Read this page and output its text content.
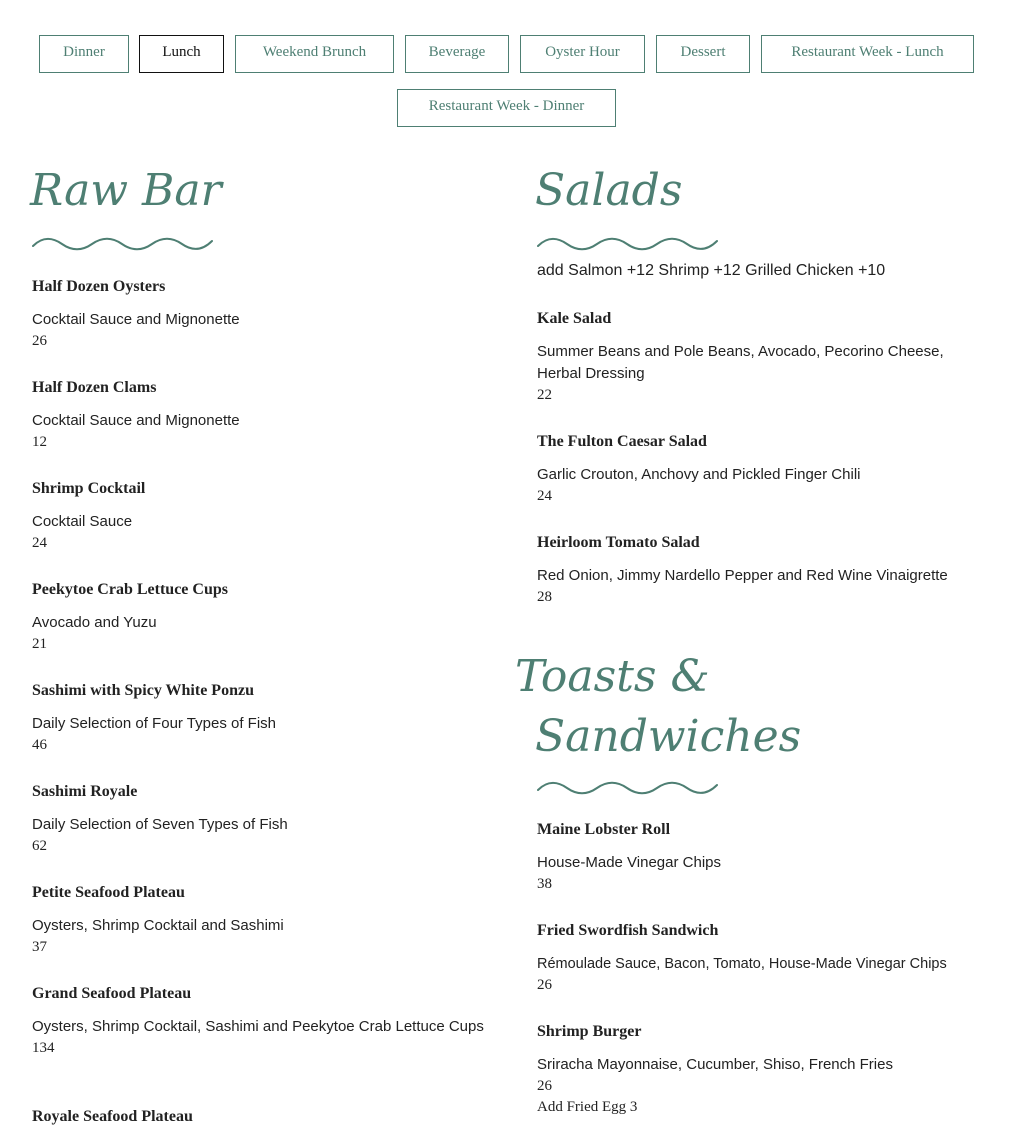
Dinner	Lunch	Weekend Brunch	Beverage	Oyster Hour	Dessert	Restaurant Week - Lunch
Restaurant Week - Dinner
Raw Bar
Half Dozen Oysters
Cocktail Sauce and Mignonette
26
Half Dozen Clams
Cocktail Sauce and Mignonette
12
Shrimp Cocktail
Cocktail Sauce
24
Peekytoe Crab Lettuce Cups
Avocado and Yuzu
21
Sashimi with Spicy White Ponzu
Daily Selection of Four Types of Fish
46
Sashimi Royale
Daily Selection of Seven Types of Fish
62
Petite Seafood Plateau
Oysters, Shrimp Cocktail and Sashimi
37
Grand Seafood Plateau
Oysters, Shrimp Cocktail, Sashimi and Peekytoe Crab Lettuce Cups
134
Royale Seafood Plateau
Salads
add Salmon +12 Shrimp +12 Grilled Chicken +10
Kale Salad
Summer Beans and Pole Beans, Avocado, Pecorino Cheese, Herbal Dressing
22
The Fulton Caesar Salad
Garlic Crouton, Anchovy and Pickled Finger Chili
24
Heirloom Tomato Salad
Red Onion, Jimmy Nardello Pepper and Red Wine Vinaigrette
28
Toasts &
Sandwiches
Maine Lobster Roll
House-Made Vinegar Chips
38
Fried Swordfish Sandwich
Rémoulade Sauce, Bacon, Tomato, House-Made Vinegar Chips
26
Shrimp Burger
Sriracha Mayonnaise, Cucumber, Shiso, French Fries
26
Add Fried Egg 3
